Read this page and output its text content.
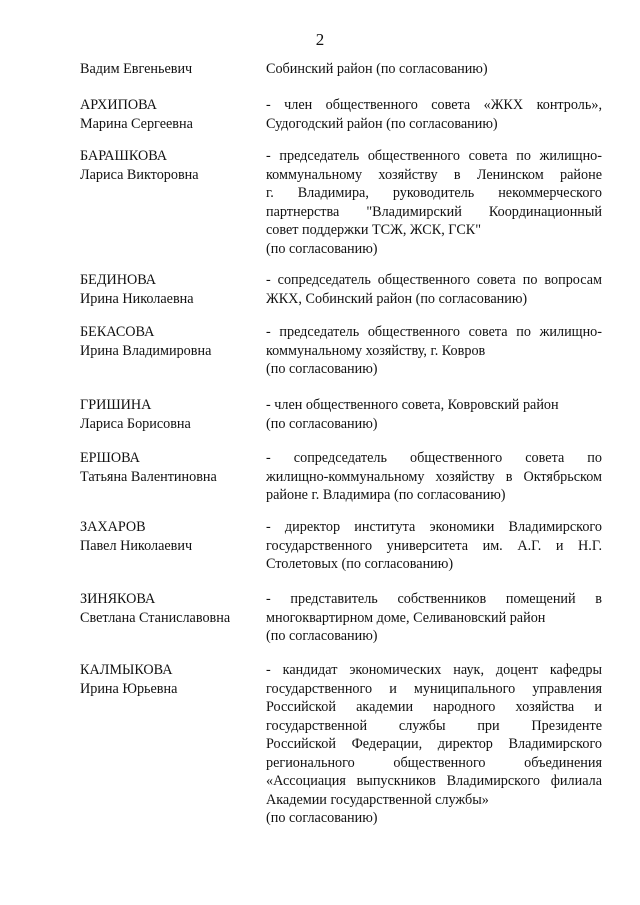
2
Вадим Евгеньевич	Собинский район (по согласованию)
АРХИПОВА
Марина Сергеевна
- член общественного совета «ЖКХ контроль»,
Судогодский район (по согласованию)
БАРАШКОВА
Лариса Викторовна
- председатель общественного совета по жилищно-
коммунальному хозяйству в Ленинском районе
г. Владимира, руководитель некоммерческого
партнерства "Владимирский Координационный
совет поддержки ТСЖ, ЖСК, ГСК"
(по согласованию)
БЕДИНОВА
Ирина Николаевна
- сопредседатель общественного совета по вопросам
ЖКХ, Собинский район (по согласованию)
БЕКАСОВА
Ирина Владимировна
- председатель общественного совета по жилищно-
коммунальному хозяйству, г. Ковров
(по согласованию)
ГРИШИНА
Лариса Борисовна
- член общественного совета, Ковровский район
(по согласованию)
ЕРШОВА
Татьяна Валентиновна
- сопредседатель общественного совета по
жилищно-коммунальному хозяйству в Октябрьском
районе г. Владимира (по согласованию)
ЗАХАРОВ
Павел Николаевич
- директор института экономики Владимирского
государственного университета им. А.Г. и Н.Г.
Столетовых (по согласованию)
ЗИНЯКОВА
Светлана Станиславовна
- представитель собственников помещений в
многоквартирном доме, Селивановский район
(по согласованию)
КАЛМЫКОВА
Ирина Юрьевна
- кандидат экономических наук, доцент кафедры
государственного и муниципального управления
Российской академии народного хозяйства и
государственной службы при Президенте
Российской Федерации, директор Владимирского
регионального общественного объединения
«Ассоциация выпускников Владимирского филиала
Академии государственной службы»
(по согласованию)
